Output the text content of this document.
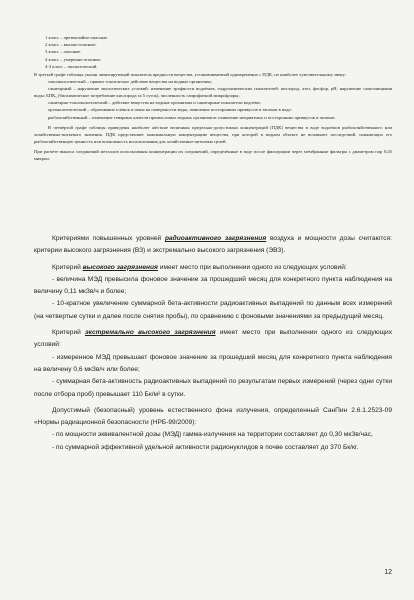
1 класс – чрезвычайно-опасные.
2 класс – высоко-опасные.
3 класс – опасные.
4 класс – умеренно-опасные.
4-3 класс – экологический.

В третьей графе таблицы указан лимитирующий показатель вредности вещества, устанавливаемый одновременно с ПДК, по наиболее чувствительному звену:

токсикологический – прямое токсическое действие вещества на водные организмы;

санитарный – нарушение экологических условий: изменение трофности водоёмов, гидрохимических показателей: кислород, азот, фосфор, pH, нарушение самоочищения воды: БПК₅ (биохимическое потребление кислорода за 5 суток), численность сапрофитной микрофлоры;

санитарно-токсикологический – действие вещества на водные организмы и санитарные показатели водоёма;

органолептический – образование плёнок и пены на поверхности воды, появление посторонних привкусов и запахов в воде;

рыбохозяйственный – изменение товарных качеств промысловых водных организмов: появление неприятных и посторонних привкусов и запахов.

В четвёртой графе таблицы приведены наиболее жёсткие величины предельно-допустимых концентраций (ПДК) вещества в воде водоёмов рыбохозяйственного или хозяйственно-питьевого значения. ПДК представляет максимальную концентрацию вещества, при которой в водном объекте не возникает последствий, снижающих его рыбохозяйственную ценность или возможность использования для хозяйственно-питьевых целей.

При расчёте выноса соединений металлов использованы концентрации их соединений, определённые в воде после фильтрации через мембранные фильтры с диаметром пор 0,45 микрон.

Критериями повышенных уровней радиоактивного загрязнения воздуха и мощности дозы считаются: критерии высокого загрязнения (ВЗ) и экстремально высокого загрязнения (ЭВЗ).

Критерий высокого загрязнения имеет место при выполнении одного из следующих условий:

- величина МЭД превысила фоновое значение за прошедший месяц для конкретного пункта наблюдения на величину 0,11 мкЗв/ч и более;

- 10-кратное увеличение суммарной бета-активности радиоактивных выпадений по данным всех измерений (на четвертые сутки и далее после снятия пробы), по сравнению с фоновыми значениями за предыдущий месяц.

Критерий экстремально высокого загрязнения имеет место при выполнении одного из следующих условий:

- измеренное МЭД превышает фоновое значение за прошедший месяц для конкретного пункта наблюдения на величину 0,6 мкЗв/ч или более;

- суммарная бета-активность радиоактивных выпадений по результатам первых измерений (через одни сутки после отбора проб) превышает 110 Бк/м² в сутки.

Допустимый (безопасный) уровень естественного фона излучения, определенный СанПин 2.6.1.2523-09 «Нормы радиационной безопасности (НРБ-99/2009):

- по мощности эквивалентной дозы (МЭД) гамма-излучения на территории составляет до 0,30 мкЗв/час,

- по суммарной эффективной удельной активности радионуклидов в почве составляет до 370 Бк/кг.

12
